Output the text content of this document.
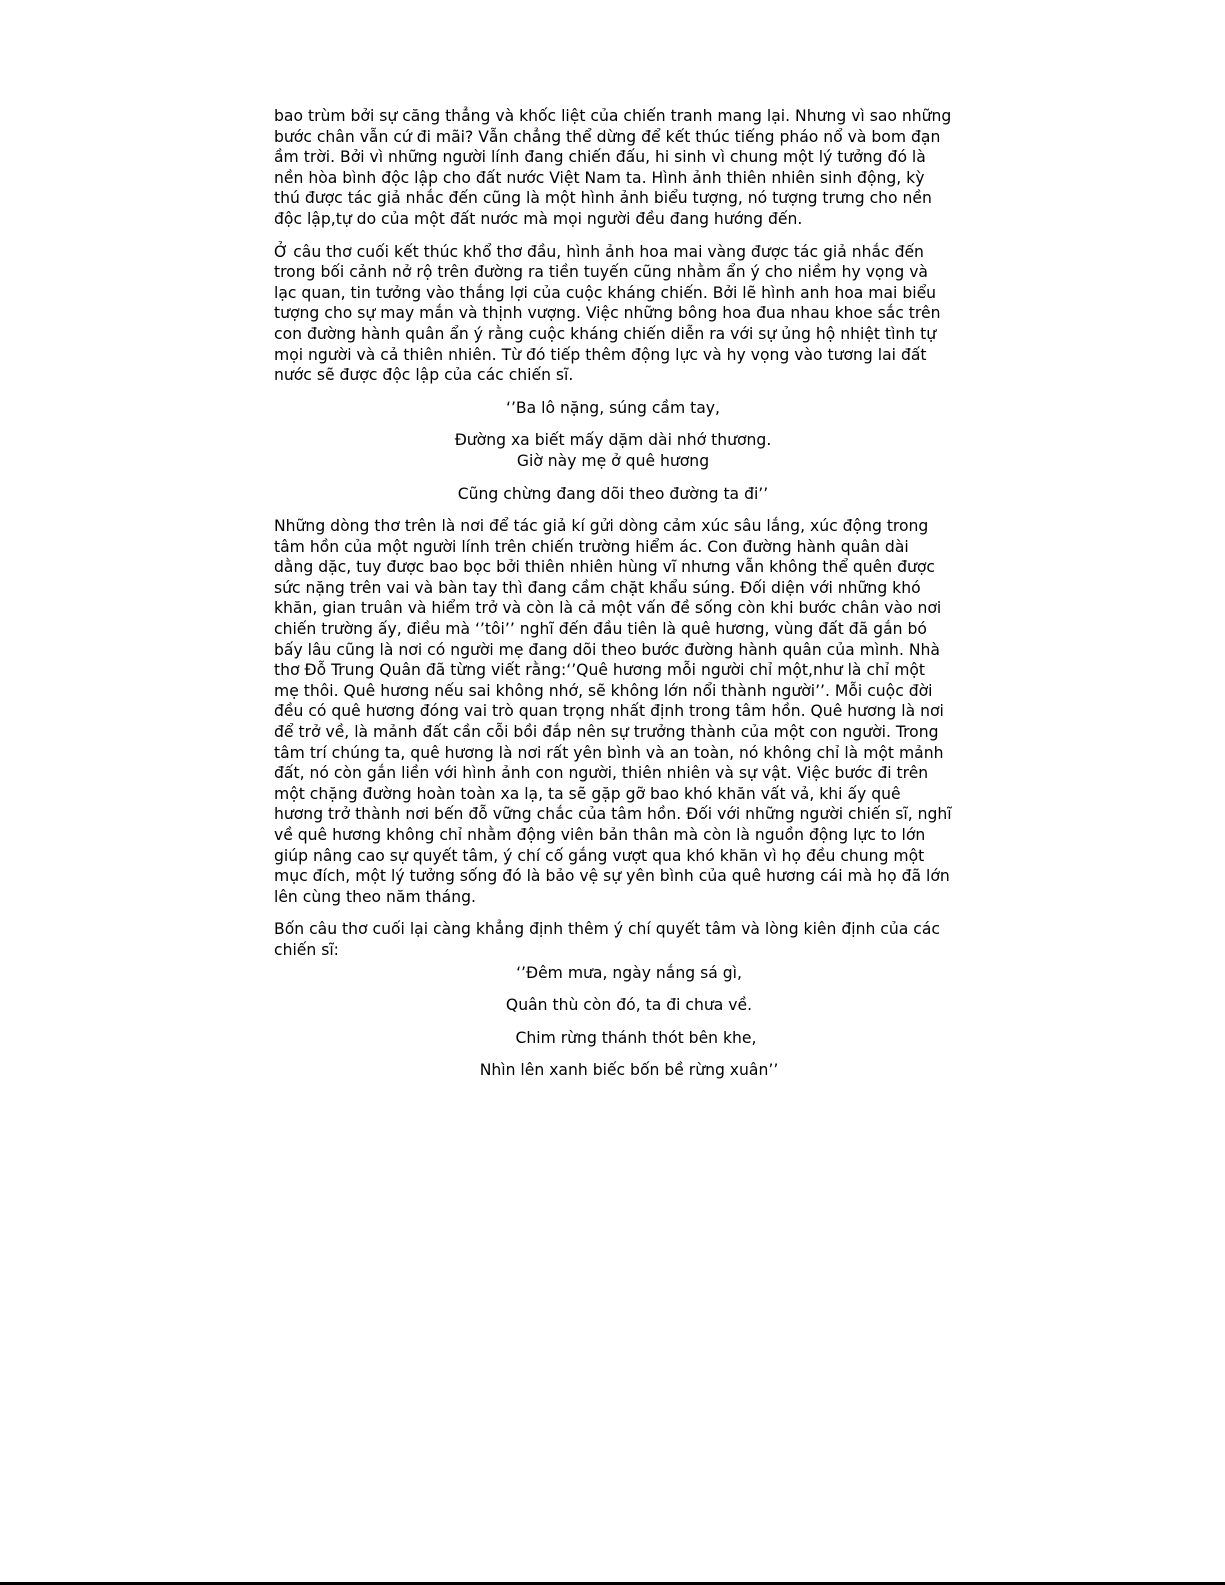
bao trùm bởi sự căng thẳng và khốc liệt của chiến tranh mang lại. Nhưng vì sao những bước chân vẫn cứ đi mãi? Vẫn chẳng thể dừng để kết thúc tiếng pháo nổ và bom đạn ầm trời. Bởi vì những người lính đang chiến đấu, hi sinh vì chung một lý tưởng đó là nền hòa bình độc lập cho đất nước Việt Nam ta. Hình ảnh thiên nhiên sinh động, kỳ thú được tác giả nhắc đến cũng là một hình ảnh biểu tượng, nó tượng trưng cho nền độc lập,tự do của một đất nước mà mọi người đều đang hướng đến.

Ở câu thơ cuối kết thúc khổ thơ đầu, hình ảnh hoa mai vàng được tác giả nhắc đến trong bối cảnh nở rộ trên đường ra tiền tuyến cũng nhằm ẩn ý cho niềm hy vọng và lạc quan, tin tưởng vào thắng lợi của cuộc kháng chiến. Bởi lẽ hình anh hoa mai biểu tượng cho sự may mắn và thịnh vượng. Việc những bông hoa đua nhau khoe sắc trên con đường hành quân ẩn ý rằng cuộc kháng chiến diễn ra với sự ủng hộ nhiệt tình tự mọi người và cả thiên nhiên. Từ đó tiếp thêm động lực và hy vọng vào tương lai đất nước sẽ được độc lập của các chiến sĩ.

‘’Ba lô nặng, súng cầm tay,
Đường xa biết mấy dặm dài nhớ thương.
Giờ này mẹ ở quê hương
Cũng chừng đang dõi theo đường ta đi’’

Những dòng thơ trên là nơi để tác giả kí gửi dòng cảm xúc sâu lắng, xúc động trong tâm hồn của một người lính trên chiến trường hiểm ác. Con đường hành quân dài dằng dặc, tuy được bao bọc bởi thiên nhiên hùng vĩ nhưng vẫn không thể quên được sức nặng trên vai và bàn tay thì đang cầm chặt khẩu súng. Đối diện với những khó khăn, gian truân và hiểm trở và còn là cả một vấn đề sống còn khi bước chân vào nơi chiến trường ấy, điều mà ‘’tôi’’ nghĩ đến đầu tiên là quê hương, vùng đất đã gắn bó bấy lâu cũng là nơi có người mẹ đang dõi theo bước đường hành quân của mình. Nhà thơ Đỗ Trung Quân đã từng viết rằng:‘’Quê hương mỗi người chỉ một,như là chỉ một mẹ thôi. Quê hương nếu sai không nhớ, sẽ không lớn nổi thành người’’. Mỗi cuộc đời đều có quê hương đóng vai trò quan trọng nhất định trong tâm hồn. Quê hương là nơi để trở về, là mảnh đất cần cỗi bồi đắp nên sự trưởng thành của một con người. Trong tâm trí chúng ta, quê hương là nơi rất yên bình và an toàn, nó không chỉ là một mảnh đất, nó còn gắn liền với hình ảnh con người, thiên nhiên và sự vật. Việc bước đi trên một chặng đường hoàn toàn xa lạ, ta sẽ gặp gỡ bao khó khăn vất vả, khi ấy quê hương trở thành nơi bến đỗ vững chắc của tâm hồn. Đối với những người chiến sĩ, nghĩ về quê hương không chỉ nhằm động viên bản thân mà còn là nguồn động lực to lớn giúp nâng cao sự quyết tâm, ý chí cố gắng vượt qua khó khăn vì họ đều chung một mục đích, một lý tưởng sống đó là bảo vệ sự yên bình của quê hương cái mà họ đã lớn lên cùng theo năm tháng.

Bốn câu thơ cuối lại càng khẳng định thêm ý chí quyết tâm và lòng kiên định của các chiến sĩ:

‘’Đêm mưa, ngày nắng sá gì,
Quân thù còn đó, ta đi chưa về.
Chim rừng thánh thót bên khe,
Nhìn lên xanh biếc bốn bề rừng xuân’’
